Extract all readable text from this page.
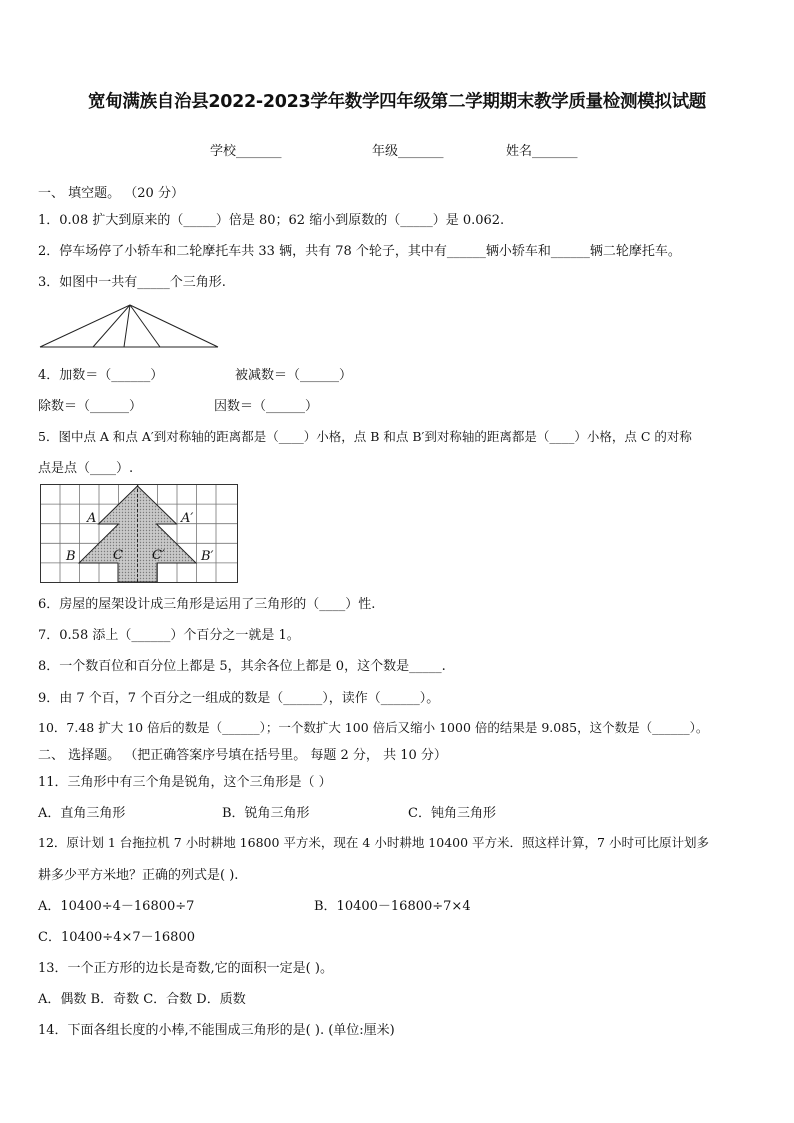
宽甸满族自治县2022-2023学年数学四年级第二学期期末教学质量检测模拟试题
学校_______	年级_______	姓名_______
一、 填空题。 （20 分）
1．0.08 扩大到原来的（_____）倍是 80；62 缩小到原数的（_____）是 0.062.
2．停车场停了小轿车和二轮摩托车共 33 辆，共有 78 个轮子，其中有______辆小轿车和______辆二轮摩托车。
3．如图中一共有_____个三角形.
4．加数＝（______）	被减数＝（______）
除数＝（______）	因数＝（______）
5．图中点 A 和点 A′到对称轴的距离都是（____）小格，点 B 和点 B′到对称轴的距离都是（____）小格，点 C 的对称
点是点（____）.
A	A′
B	C C′	B′
6．房屋的屋架设计成三角形是运用了三角形的（____）性.
7．0.58 添上（______）个百分之一就是 1。
8．一个数百位和百分位上都是 5，其余各位上都是 0，这个数是_____.
9．由 7 个百，7 个百分之一组成的数是（______），读作（______）。
10．7.48 扩大 10 倍后的数是（______）；一个数扩大 100 倍后又缩小 1000 倍的结果是 9.085，这个数是（______）。
二、 选择题。 （把正确答案序号填在括号里。 每题 2 分， 共 10 分）
11．三角形中有三个角是锐角，这个三角形是（ ）
A．直角三角形	B．锐角三角形	C．钝角三角形
12．原计划 1 台拖拉机 7 小时耕地 16800 平方米，现在 4 小时耕地 10400 平方米．照这样计算，7 小时可比原计划多
耕多少平方米地？正确的列式是( ).
A．10400÷4－16800÷7	B．10400－16800÷7×4
C．10400÷4×7－16800
13．一个正方形的边长是奇数,它的面积一定是( )。
A．偶数 B．奇数 C．合数 D．质数
14．下面各组长度的小棒,不能围成三角形的是( ). (单位:厘米)
